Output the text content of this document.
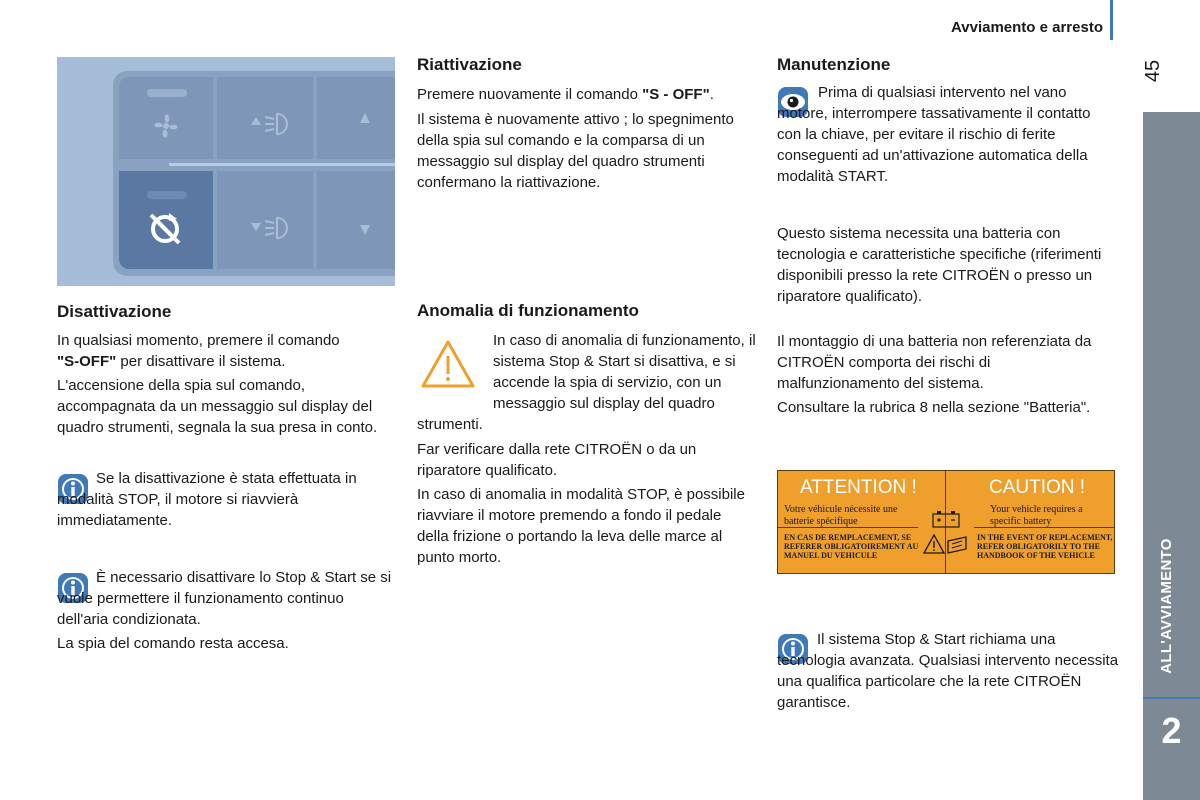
Avviamento e arresto
45
ALL'AVVIAMENTO
2
Disattivazione

In qualsiasi momento, premere il comando
"S-OFF" per disattivare il sistema.

L'accensione della spia sul comando, accompagnata da un messaggio sul display del quadro strumenti, segnala la sua presa in conto.

Se la disattivazione è stata effettuata in modalità STOP, il motore si riavvierà immediatamente.

È necessario disattivare lo Stop & Start se si vuole permettere il funzionamento continuo dell'aria condizionata.

La spia del comando resta accesa.

Riattivazione

Premere nuovamente il comando "S - OFF".

Il sistema è nuovamente attivo ; lo spegnimento della spia sul comando e la comparsa di un messaggio sul display del quadro strumenti confermano la riattivazione.

Anomalia di funzionamento

In caso di anomalia di funzionamento, il sistema Stop & Start si disattiva, e si accende la spia di servizio, con un messaggio sul display del quadro strumenti.

Far verificare dalla rete CITROËN o da un riparatore qualificato.

In caso di anomalia in modalità STOP, è possibile riavviare il motore premendo a fondo il pedale della frizione o portando la leva delle marce al punto morto.

Manutenzione

Prima di qualsiasi intervento nel vano motore, interrompere tassativamente il contatto con la chiave, per evitare il rischio di ferite conseguenti ad un'attivazione automatica della modalità START.

Questo sistema necessita una batteria con tecnologia e caratteristiche specifiche (riferimenti disponibili presso la rete CITROËN o presso un riparatore qualificato).

Il montaggio di una batteria non referenziata da CITROËN comporta dei rischi di malfunzionamento del sistema.

Consultare la rubrica 8 nella sezione "Batteria".

ATTENTION !	CAUTION !
Votre véhicule nécessite une batterie spécifique
Your vehicle requires a specific battery
EN CAS DE REMPLACEMENT, SE REFERER OBLIGATOIREMENT AU MANUEL DU VEHICULE
IN THE EVENT OF REPLACEMENT, REFER OBLIGATORILY TO THE HANDBOOK OF THE VEHICLE

Il sistema Stop & Start richiama una tecnologia avanzata. Qualsiasi intervento necessita una qualifica particolare che la rete CITROËN garantisce.
